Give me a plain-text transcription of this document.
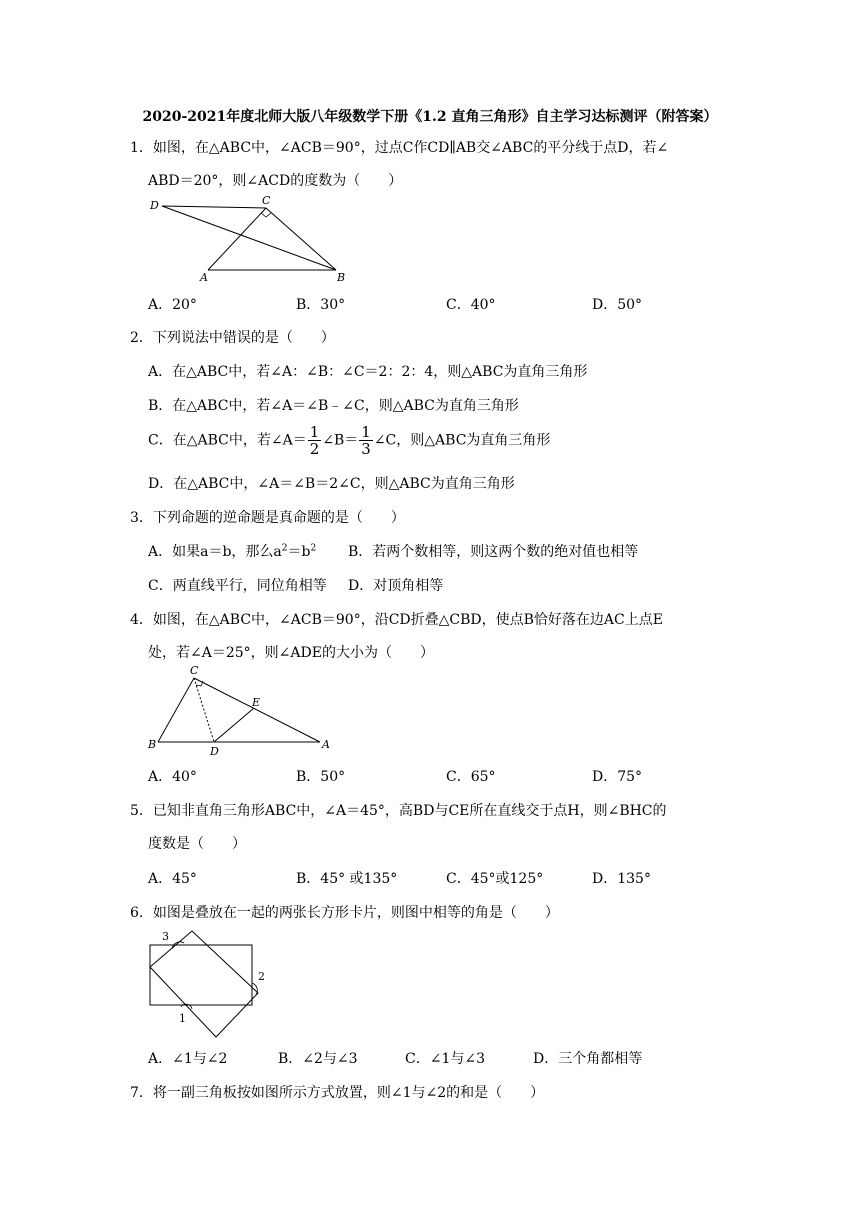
2020-2021年度北师大版八年级数学下册《1.2 直角三角形》自主学习达标测评（附答案）
1．如图，在△ABC中，∠ACB＝90°，过点C作CD∥AB交∠ABC的平分线于点D，若∠
ABD＝20°，则∠ACD的度数为（　　）
D	C
A	B
A．20°	B．30°	C．40°	D．50°
2．下列说法中错误的是（　　）
A．在△ABC中，若∠A：∠B：∠C＝2：2：4，则△ABC为直角三角形
B．在△ABC中，若∠A＝∠B﹣∠C，则△ABC为直角三角形
C．在△ABC中，若∠A＝ $\frac{1}{2}$ ∠B＝ $\frac{1}{3}$ ∠C，则△ABC为直角三角形
D．在△ABC中，∠A＝∠B＝2∠C，则△ABC为直角三角形
3．下列命题的逆命题是真命题的是（　　）
A．如果a＝b，那么$a^2=b^2$ B．若两个数相等，则这两个数的绝对值也相等
C．两直线平行，同位角相等 D．对顶角相等
4．如图，在△ABC中，∠ACB＝90°，沿CD折叠△CBD，使点B恰好落在边AC上点E
处，若∠A＝25°，则∠ADE的大小为（　　）
C
E
B
D
A
A．40°	B．50°	C．65°	D．75°
5．已知非直角三角形ABC中，∠A＝45°，高BD与CE所在直线交于点H，则∠BHC的
度数是（　　）
A．45°	B．45° 或135°	C．45°或125°	D．135°
6．如图是叠放在一起的两张长方形卡片，则图中相等的角是（　　）
3
2
1
A．∠1与∠2	B．∠2与∠3	C．∠1与∠3	D．三个角都相等
7．将一副三角板按如图所示方式放置，则∠1与∠2的和是（　　）
